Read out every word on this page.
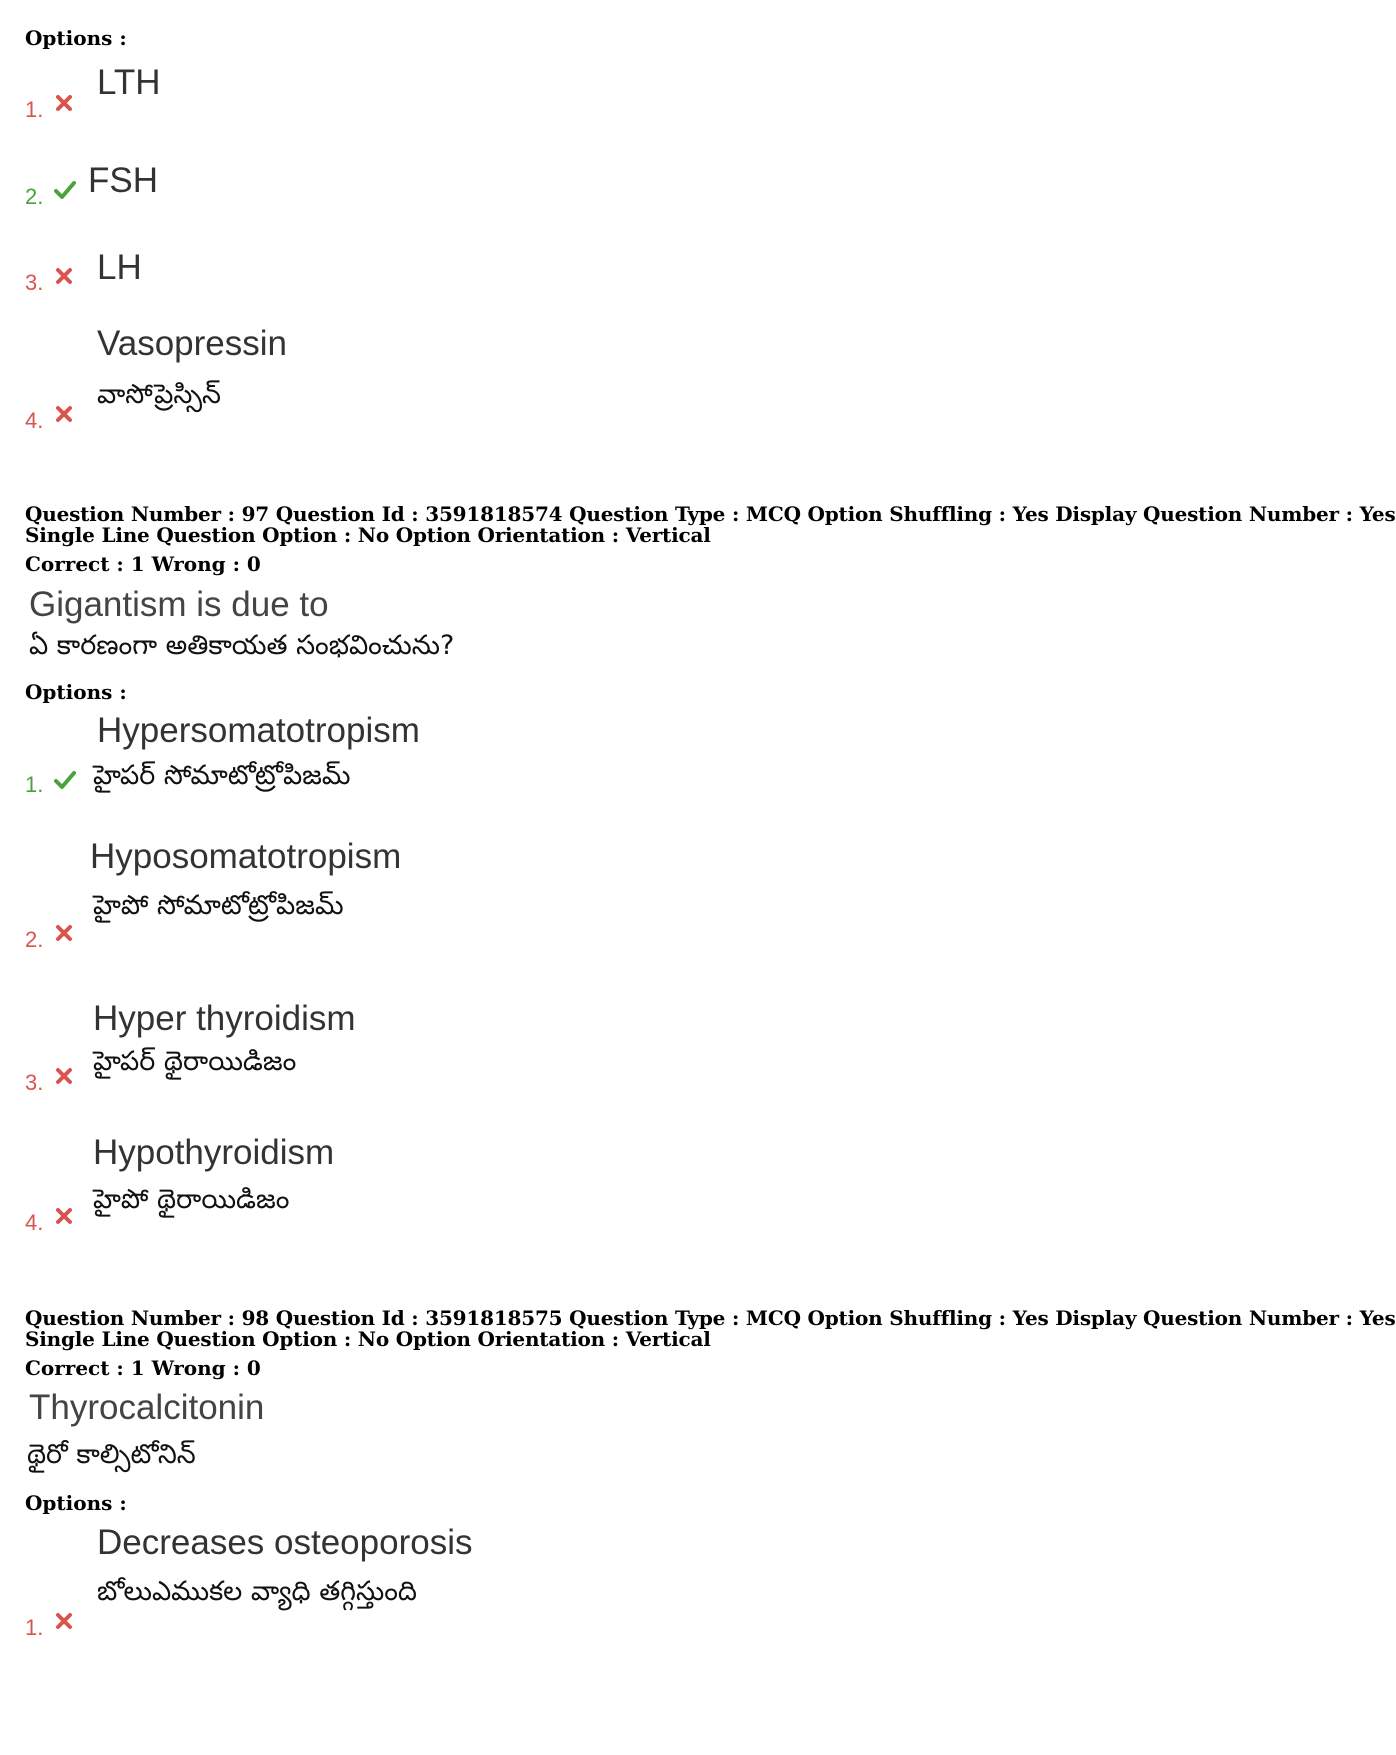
Options :
LTH
1.
FSH
2.
LH
3.
Vasopressin
వాసోప్రెస్సిన్
4.
Question Number : 97 Question Id : 3591818574 Question Type : MCQ Option Shuffling : Yes Display Question Number : Yes
Single Line Question Option : No Option Orientation : Vertical
Correct : 1 Wrong : 0
Gigantism is due to
ఏ కారణంగా అతికాయత సంభవించును?
Options :
Hypersomatotropism
హైపర్ సోమాటోట్రోపిజమ్
1.
Hyposomatotropism
హైపో సోమాటోట్రోపిజమ్
2.
Hyper thyroidism
హైపర్ థైరాయిడిజం
3.
Hypothyroidism
హైపో థైరాయిడిజం
4.
Question Number : 98 Question Id : 3591818575 Question Type : MCQ Option Shuffling : Yes Display Question Number : Yes
Single Line Question Option : No Option Orientation : Vertical
Correct : 1 Wrong : 0
Thyrocalcitonin
థైరో కాల్సిటోనిన్
Options :
Decreases osteoporosis
బోలుఎముకల వ్యాధి తగ్గిస్తుంది
1.
